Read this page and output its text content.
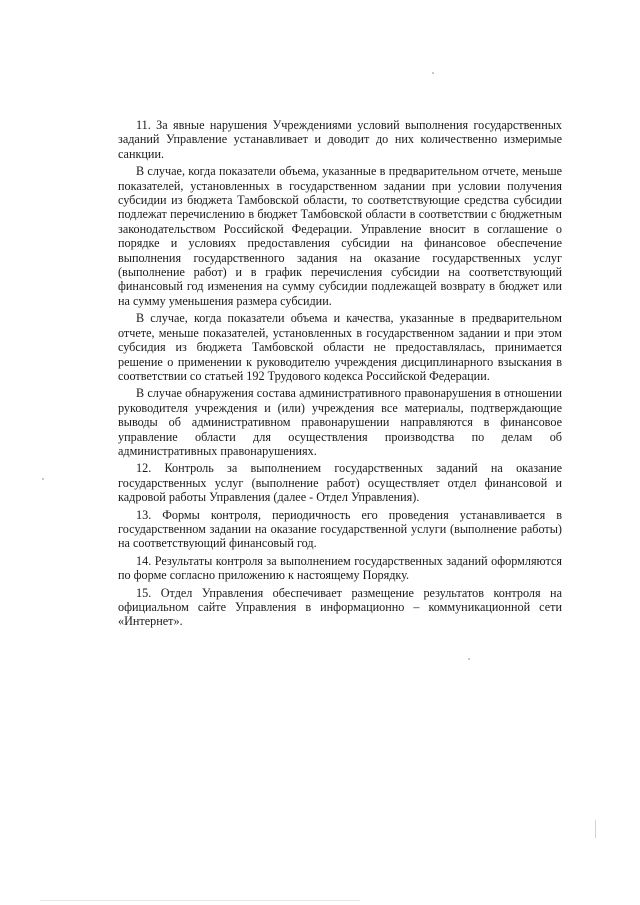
11. За явные нарушения Учреждениями условий выполнения государственных заданий Управление устанавливает и доводит до них количественно измеримые санкции.

В случае, когда показатели объема, указанные в предварительном отчете, меньше показателей, установленных в государственном задании при условии получения субсидии из бюджета Тамбовской области, то соответствующие средства субсидии подлежат перечислению в бюджет Тамбовской области в соответствии с бюджетным законодательством Российской Федерации. Управление вносит в соглашение о порядке и условиях предоставления субсидии на финансовое обеспечение выполнения государственного задания на оказание государственных услуг (выполнение работ) и в график перечисления субсидии на соответствующий финансовый год изменения на сумму субсидии подлежащей возврату в бюджет или на сумму уменьшения размера субсидии.

В случае, когда показатели объема и качества, указанные в предварительном отчете, меньше показателей, установленных в государственном задании и при этом субсидия из бюджета Тамбовской области не предоставлялась, принимается решение о применении к руководителю учреждения дисциплинарного взыскания в соответствии со статьей 192 Трудового кодекса Российской Федерации.

В случае обнаружения состава административного правонарушения в отношении руководителя учреждения и (или) учреждения все материалы, подтверждающие выводы об административном правонарушении направляются в финансовое управление области для осуществления производства по делам об административных правонарушениях.

12. Контроль за выполнением государственных заданий на оказание государственных услуг (выполнение работ) осуществляет отдел финансовой и кадровой работы Управления (далее - Отдел Управления).

13. Формы контроля, периодичность его проведения устанавливается в государственном задании на оказание государственной услуги (выполнение работы) на соответствующий финансовый год.

14. Результаты контроля за выполнением государственных заданий оформляются по форме согласно приложению к настоящему Порядку.

15. Отдел Управления обеспечивает размещение результатов контроля на официальном сайте Управления в информационно – коммуникационной сети «Интернет».
